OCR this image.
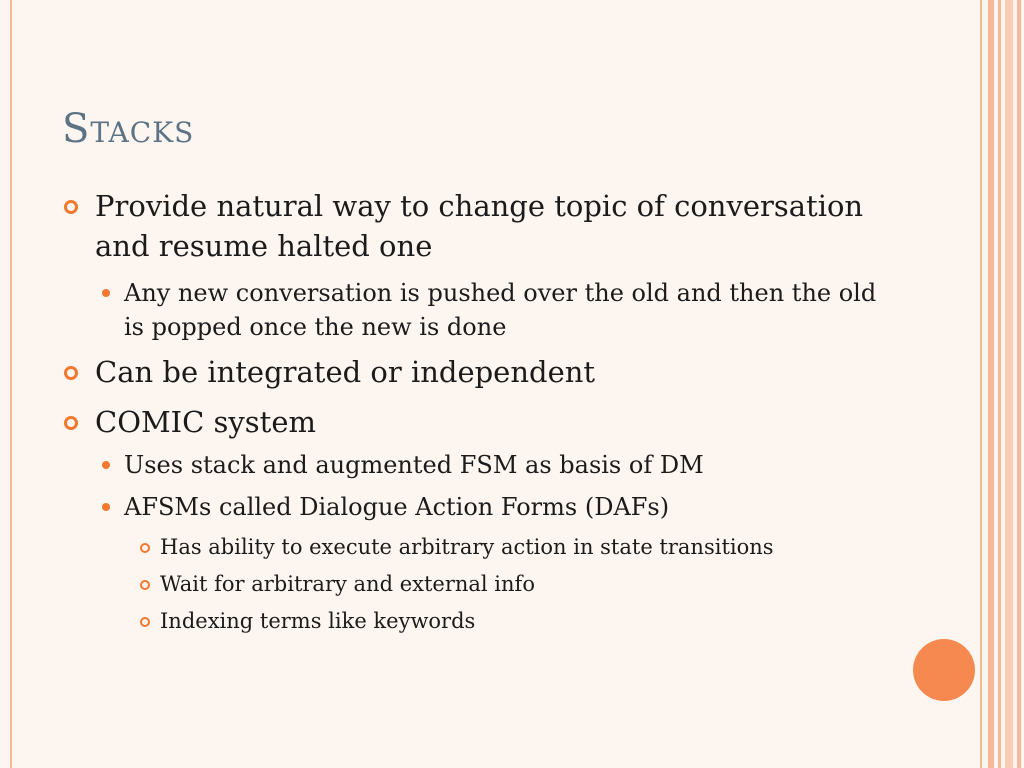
Stacks
Provide natural way to change topic of conversation and resume halted one
Any new conversation is pushed over the old and then the old is popped once the new is done
Can be integrated or independent
COMIC system
Uses stack and augmented FSM as basis of DM
AFSMs called Dialogue Action Forms (DAFs)
Has ability to execute arbitrary action in state transitions
Wait for arbitrary and external info
Indexing terms like keywords
